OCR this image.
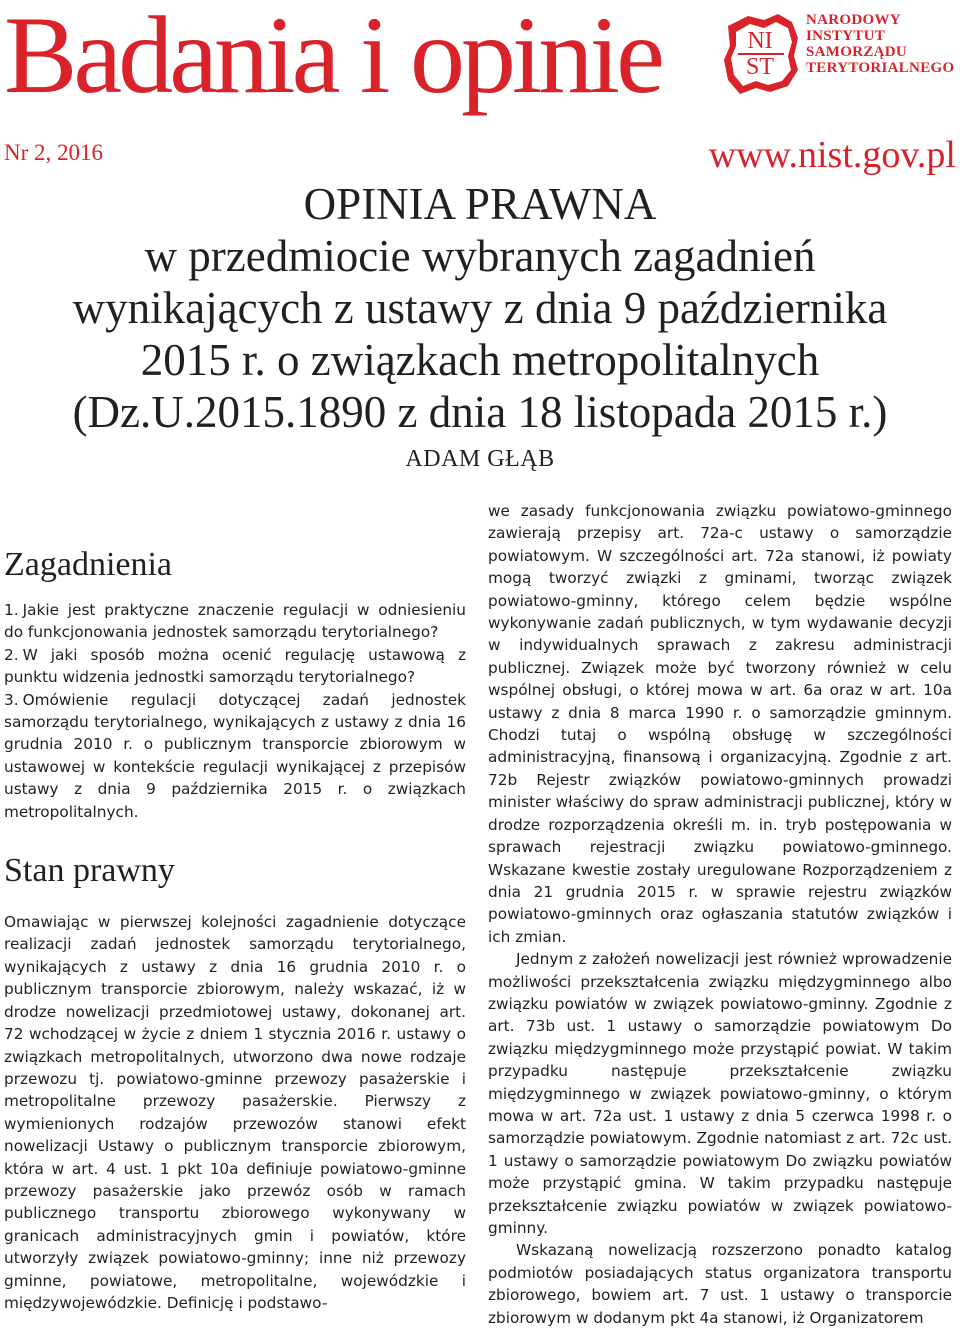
Badania i opinie	NI
ST
NARODOWY
INSTYTUT
SAMORZĄDU
TERYTORIALNEGO
Nr 2, 2016	www.nist.gov.pl
OPINIA PRAWNA
w przedmiocie wybranych zagadnień
wynikających z ustawy z dnia 9 października
2015 r. o związkach metropolitalnych
(Dz.U.2015.1890 z dnia 18 listopada 2015 r.)
ADAM GŁĄB
Zagadnienia
1. Jakie jest praktyczne znaczenie regulacji w odniesieniu do funkcjonowania jednostek samorządu terytorialnego?
2. W jaki sposób można ocenić regulację ustawową z punktu widzenia jednostki samorządu terytorialnego?
3. Omówienie regulacji dotyczącej zadań jednostek samorządu terytorialnego, wynikających z ustawy z dnia 16 grudnia 2010 r. o publicznym transporcie zbiorowym w ustawowej w kontekście regulacji wynikającej z przepisów ustawy z dnia 9 października 2015 r. o związkach metropolitalnych.
Stan prawny

Omawiając w pierwszej kolejności zagadnienie dotyczące realizacji zadań jednostek samorządu terytorialnego, wynikających z ustawy z dnia 16 grudnia 2010 r. o publicznym transporcie zbiorowym, należy wskazać, iż w drodze nowelizacji przedmiotowej ustawy, dokonanej art. 72 wchodzącej w życie z dniem 1 stycznia 2016 r. ustawy o związkach metropolitalnych, utworzono dwa nowe rodzaje przewozu tj. powiatowo-gminne przewozy pasażerskie i metropolitalne przewozy pasażerskie. Pierwszy z wymienionych rodzajów przewozów stanowi efekt nowelizacji Ustawy o publicznym transporcie zbiorowym, która w art. 4 ust. 1 pkt 10a definiuje powiatowo-gminne przewozy pasażerskie jako przewóz osób w ramach publicznego transportu zbiorowego wykonywany w granicach administracyjnych gmin i powiatów, które utworzyły związek powiatowo-gminny; inne niż przewozy gminne, powiatowe, metropolitalne, wojewódzkie i międzywojewódzkie. Definicję i podstawo-

we zasady funkcjonowania związku powiatowo-gminnego zawierają przepisy art. 72a-c ustawy o samorządzie powiatowym. W szczególności art. 72a stanowi, iż powiaty mogą tworzyć związki z gminami, tworząc związek powiatowo-gminny, którego celem będzie wspólne wykonywanie zadań publicznych, w tym wydawanie decyzji w indywidualnych sprawach z zakresu administracji publicznej. Związek może być tworzony również w celu wspólnej obsługi, o której mowa w art. 6a oraz w art. 10a ustawy z dnia 8 marca 1990 r. o samorządzie gminnym. Chodzi tutaj o wspólną obsługę w szczególności administracyjną, finansową i organizacyjną. Zgodnie z art. 72b Rejestr związków powiatowo-gminnych prowadzi minister właściwy do spraw administracji publicznej, który w drodze rozporządzenia określi m. in. tryb postępowania w sprawach rejestracji związku powiatowo-gminnego. Wskazane kwestie zostały uregulowane Rozporządzeniem z dnia 21 grudnia 2015 r. w sprawie rejestru związków powiatowo-gminnych oraz ogłaszania statutów związków i ich zmian.

Jednym z założeń nowelizacji jest również wprowadzenie możliwości przekształcenia związku międzygminnego albo związku powiatów w związek powiatowo-gminny. Zgodnie z art. 73b ust. 1 ustawy o samorządzie powiatowym Do związku międzygminnego może przystąpić powiat. W takim przypadku następuje przekształcenie związku międzygminnego w związek powiatowo-gminny, o którym mowa w art. 72a ust. 1 ustawy z dnia 5 czerwca 1998 r. o samorządzie powiatowym. Zgodnie natomiast z art. 72c ust. 1 ustawy o samorządzie powiatowym Do związku powiatów może przystąpić gmina. W takim przypadku następuje przekształcenie związku powiatów w związek powiatowo-gminny.

Wskazaną nowelizacją rozszerzono ponadto katalog podmiotów posiadających status organizatora transportu zbiorowego, bowiem art. 7 ust. 1 ustawy o transporcie zbiorowym w dodanym pkt 4a stanowi, iż Organizatorem
